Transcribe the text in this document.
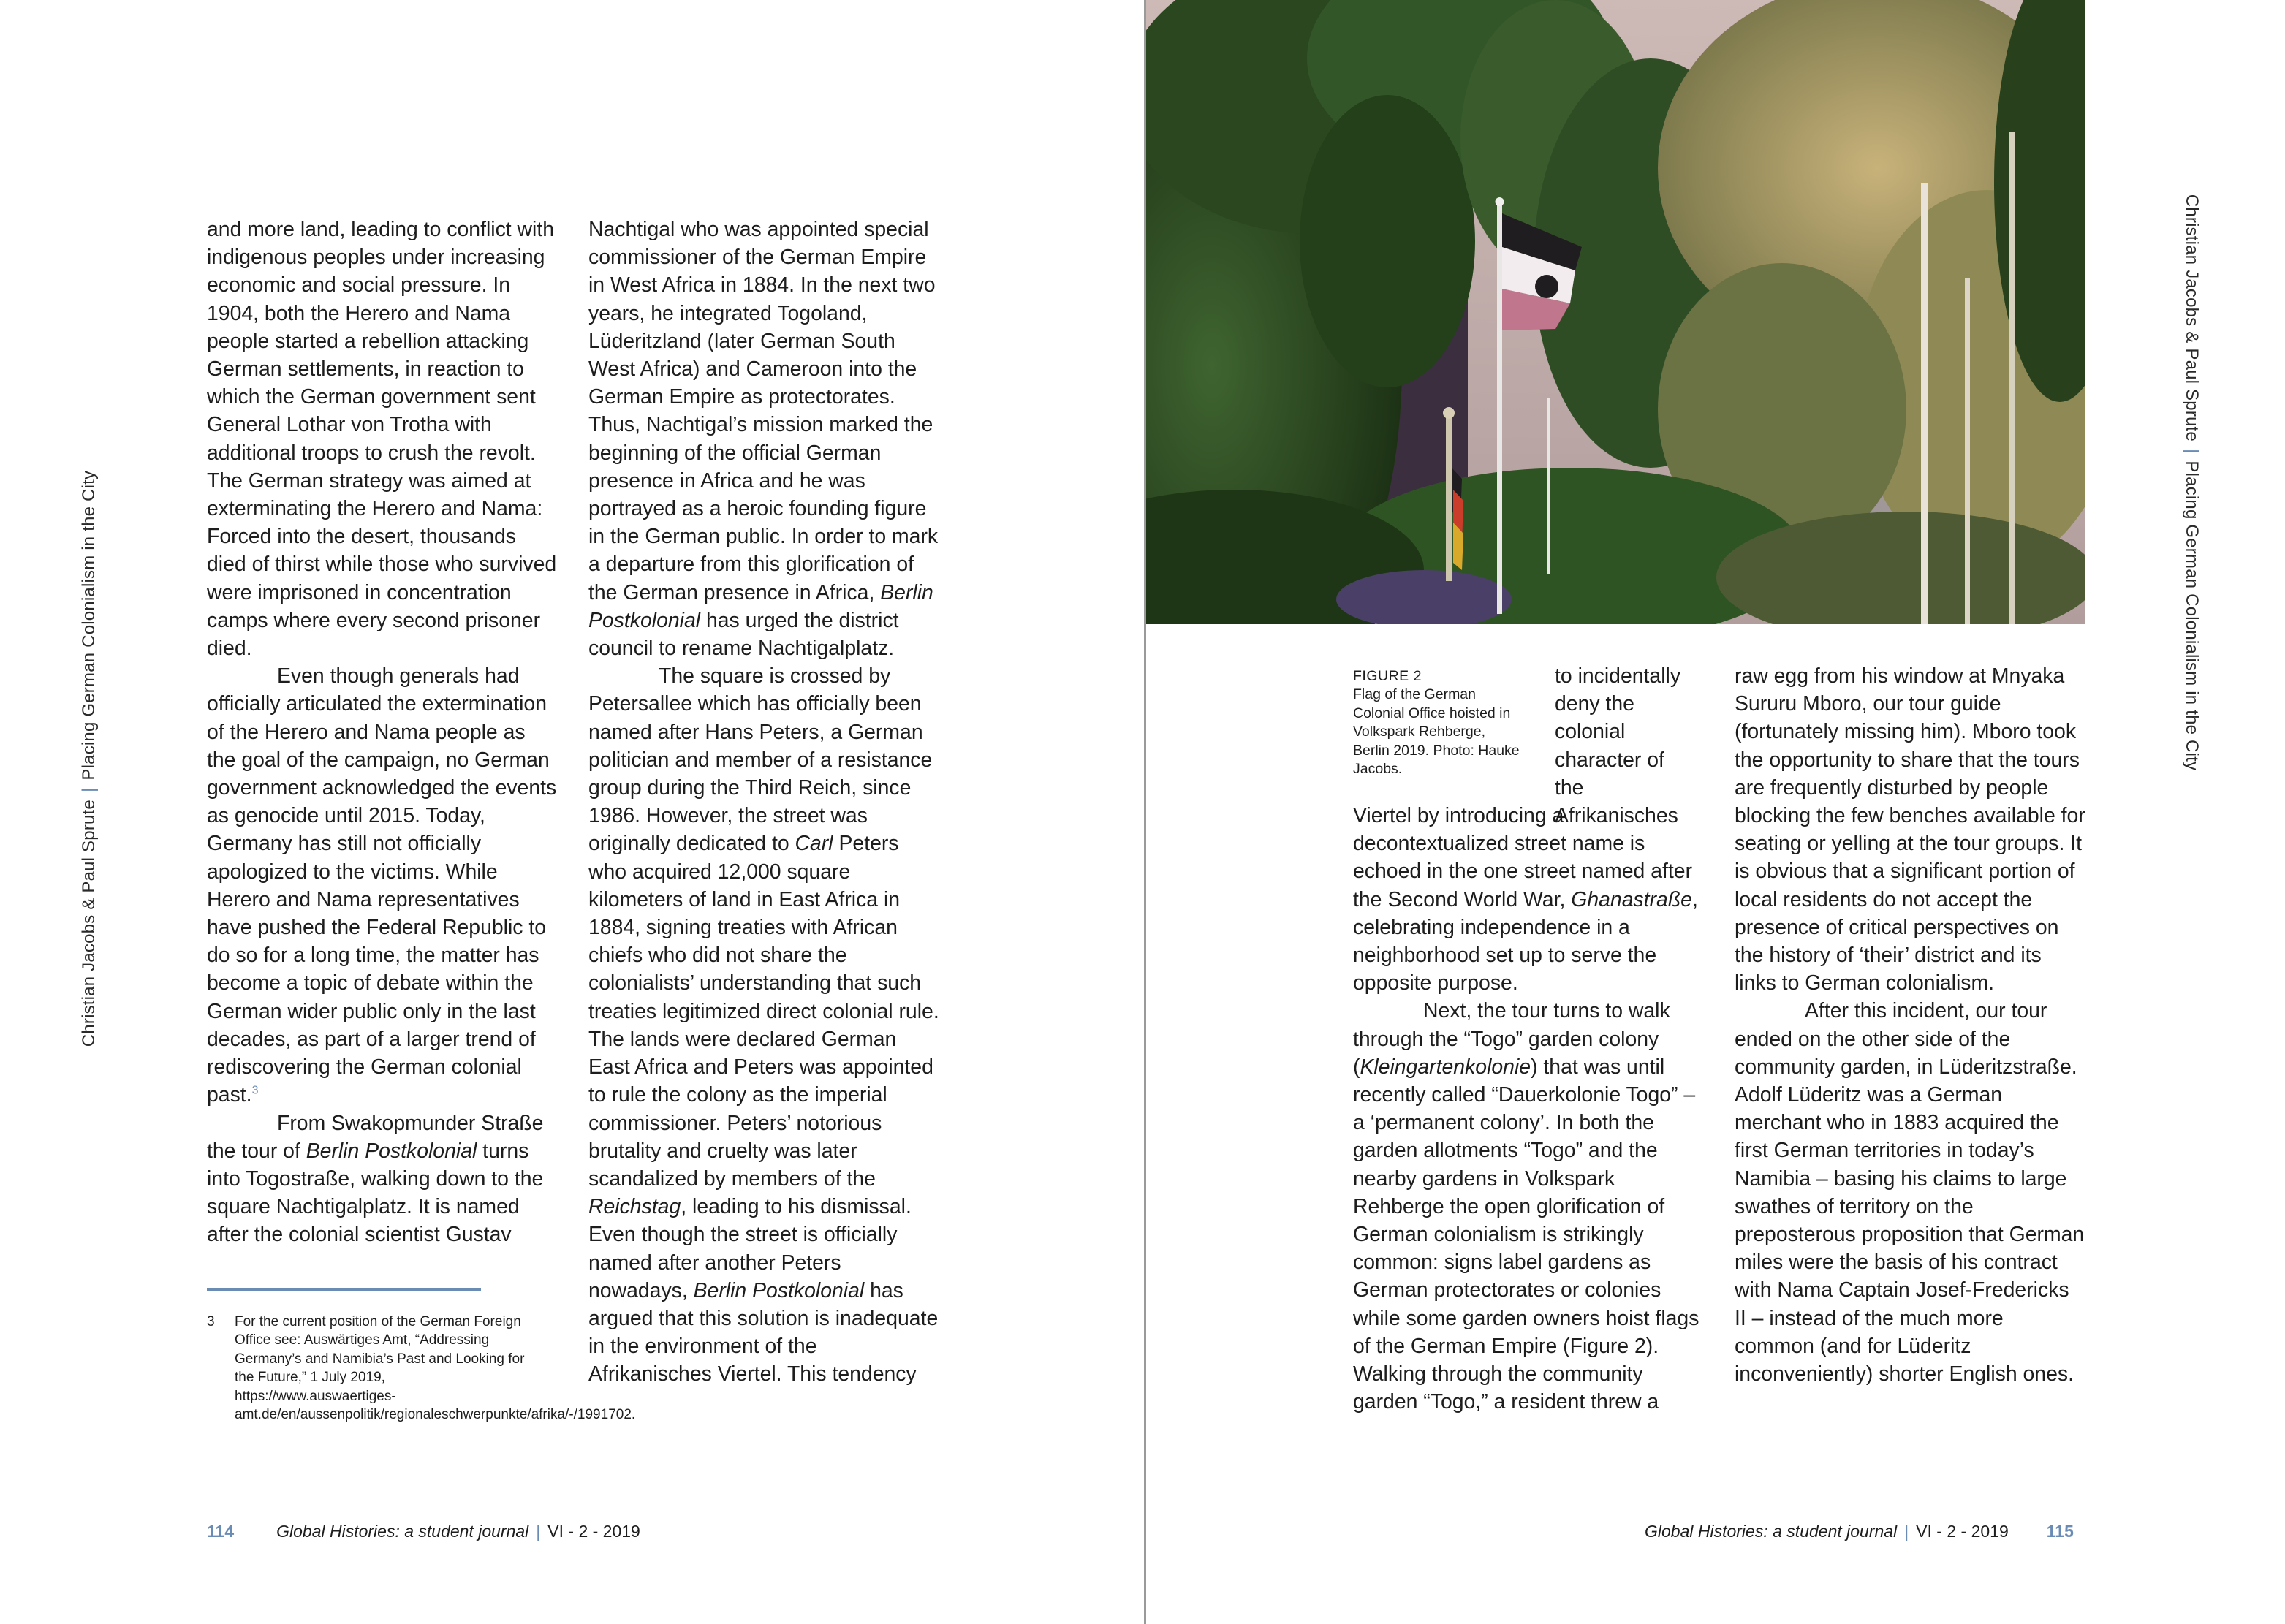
Christian Jacobs & Paul Sprute|Placing German Colonialism in the City

and more land, leading to conflict with indigenous peoples under increasing economic and social pressure. In 1904, both the Herero and Nama people started a rebellion attacking German settlements, in reaction to which the German government sent General Lothar von Trotha with additional troops to crush the revolt. The German strategy was aimed at exterminating the Herero and Nama: Forced into the desert, thousands died of thirst while those who survived were imprisoned in concentration camps where every second prisoner died.

Even though generals had officially articulated the extermination of the Herero and Nama people as the goal of the campaign, no German government acknowledged the events as genocide until 2015. Today, Germany has still not officially apologized to the victims. While Herero and Nama representatives have pushed the Federal Republic to do so for a long time, the matter has become a topic of debate within the German wider public only in the last decades, as part of a larger trend of rediscovering the German colonial past.$^3$

From Swakopmunder Straße the tour of Berlin Postkolonial turns into Togostraße, walking down to the square Nachtigalplatz. It is named after the colonial scientist Gustav

Nachtigal who was appointed special commissioner of the German Empire in West Africa in 1884. In the next two years, he integrated Togoland, Lüderitzland (later German South West Africa) and Cameroon into the German Empire as protectorates. Thus, Nachtigal’s mission marked the beginning of the official German presence in Africa and he was portrayed as a heroic founding figure in the German public. In order to mark a departure from this glorification of the German presence in Africa, Berlin Postkolonial has urged the district council to rename Nachtigalplatz.

The square is crossed by Petersallee which has officially been named after Hans Peters, a German politician and member of a resistance group during the Third Reich, since 1986. However, the street was originally dedicated to Carl Peters who acquired 12,000 square kilometers of land in East Africa in 1884, signing treaties with African chiefs who did not share the colonialists’ understanding that such treaties legitimized direct colonial rule. The lands were declared German East Africa and Peters was appointed to rule the colony as the imperial commissioner. Peters’ notorious brutality and cruelty was later scandalized by members of the Reichstag, leading to his dismissal. Even though the street is officially named after another Peters nowadays, Berlin Postkolonial has argued that this solution is inadequate in the environment of the Afrikanisches Viertel. This tendency

3 For the current position of the German Foreign Office see: Auswärtiges Amt, “Addressing Germany’s and Namibia’s Past and Looking for the Future,” 1 July 2019, https://www.auswaertiges-amt.de/en/aussenpolitik/regionaleschwerpunkte/afrika/-/1991702.
114	Global Histories: a student journal | VI - 2 - 2019
FIGURE 2
Flag of the German Colonial Office hoisted in Volkspark Rehberge, Berlin 2019. Photo: Hauke Jacobs.

to incidentally deny the colonial character of the Afrikanisches

Viertel by introducing a decontextualized street name is echoed in the one street named after the Second World War, Ghanastraße, celebrating independence in a neighborhood set up to serve the opposite purpose.

Next, the tour turns to walk through the “Togo” garden colony (Kleingartenkolonie) that was until recently called “Dauerkolonie Togo” – a ‘permanent colony’. In both the garden allotments “Togo” and the nearby gardens in Volkspark Rehberge the open glorification of German colonialism is strikingly common: signs label gardens as German protectorates or colonies while some garden owners hoist flags of the German Empire (Figure 2). Walking through the community garden “Togo,” a resident threw a

raw egg from his window at Mnyaka Sururu Mboro, our tour guide (fortunately missing him). Mboro took the opportunity to share that the tours are frequently disturbed by people blocking the few benches available for seating or yelling at the tour groups. It is obvious that a significant portion of local residents do not accept the presence of critical perspectives on the history of ‘their’ district and its links to German colonialism.

After this incident, our tour ended on the other side of the community garden, in Lüderitzstraße. Adolf Lüderitz was a German merchant who in 1883 acquired the first German territories in today’s Namibia – basing his claims to large swathes of territory on the preposterous proposition that German miles were the basis of his contract with Nama Captain Josef-Fredericks II – instead of the much more common (and for Lüderitz inconveniently) shorter English ones.

Christian Jacobs & Paul Sprute|Placing German Colonialism in the City
Global Histories: a student journal | VI - 2 - 2019 115
